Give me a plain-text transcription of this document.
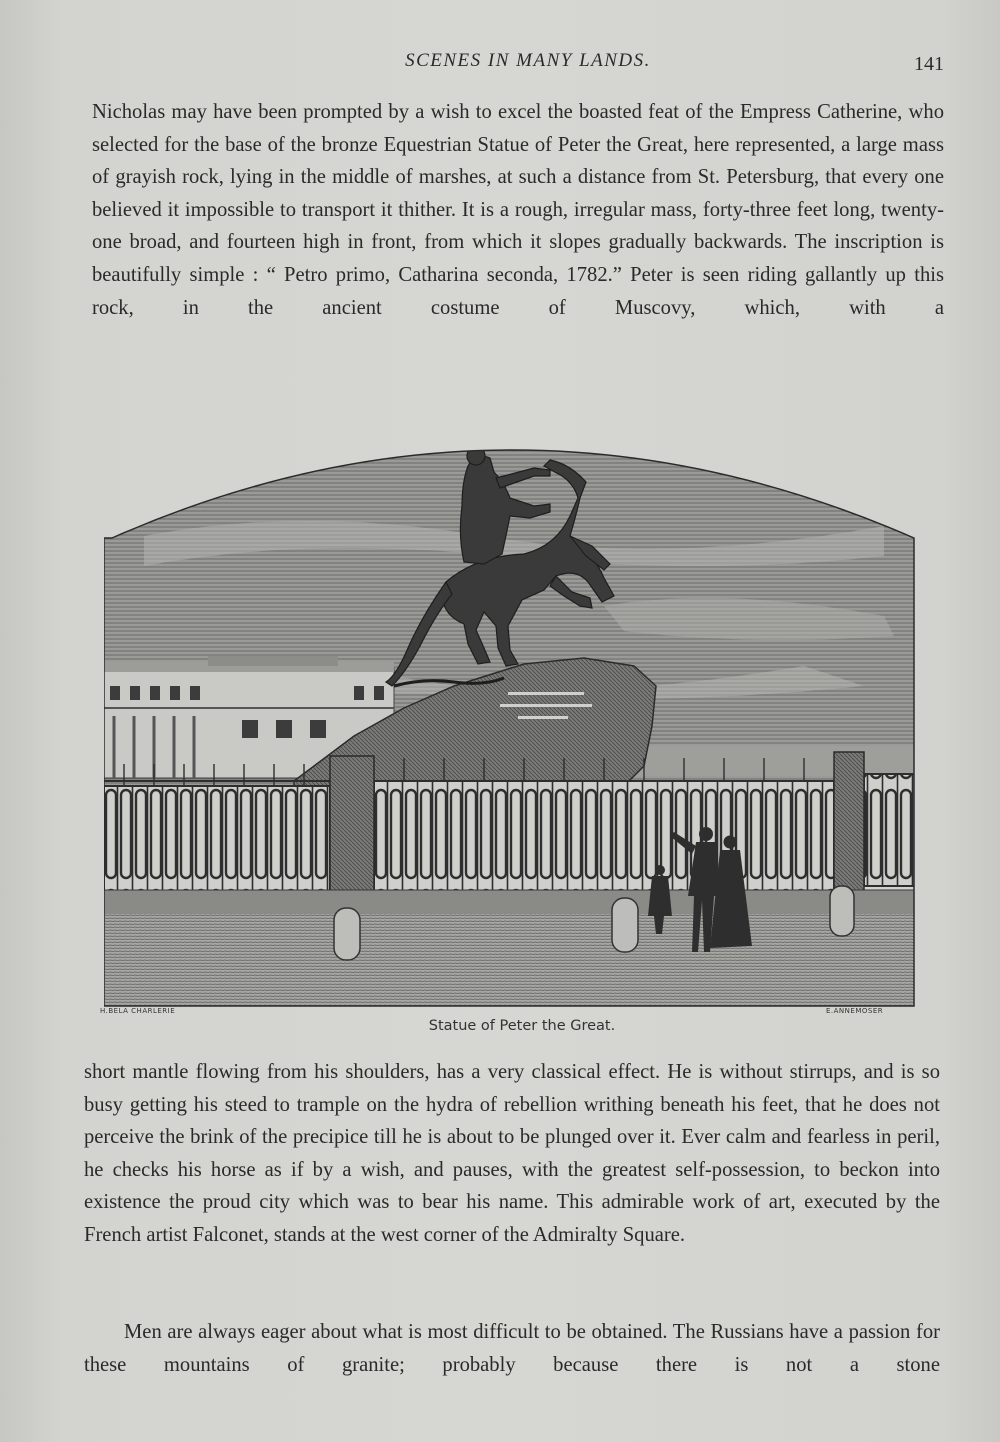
SCENES IN MANY LANDS.	141

Nicholas may have been prompted by a wish to excel the boasted feat of the Empress Catherine, who selected for the base of the bronze Equestrian Statue of Peter the Great, here represented, a large mass of grayish rock, lying in the middle of marshes, at such a distance from St. Petersburg, that every one believed it impossible to transport it thither. It is a rough, irregular mass, forty-three feet long, twenty-one broad, and fourteen high in front, from which it slopes gradually backwards. The inscription is beautifully simple : “ Petro primo, Catharina seconda, 1782.” Peter is seen riding gallantly up this rock, in the ancient costume of Muscovy, which, with a

H.BELA CHARLERIE	E.ANNEMOSER
Statue of Peter the Great.

short mantle flowing from his shoulders, has a very classical effect. He is without stirrups, and is so busy getting his steed to trample on the hydra of rebellion writhing beneath his feet, that he does not perceive the brink of the precipice till he is about to be plunged over it. Ever calm and fearless in peril, he checks his horse as if by a wish, and pauses, with the greatest self-possession, to beckon into existence the proud city which was to bear his name. This admirable work of art, executed by the French artist Falconet, stands at the west corner of the Admiralty Square.

Men are always eager about what is most difficult to be obtained. The Russians have a passion for these mountains of granite; probably because there is not a stone
